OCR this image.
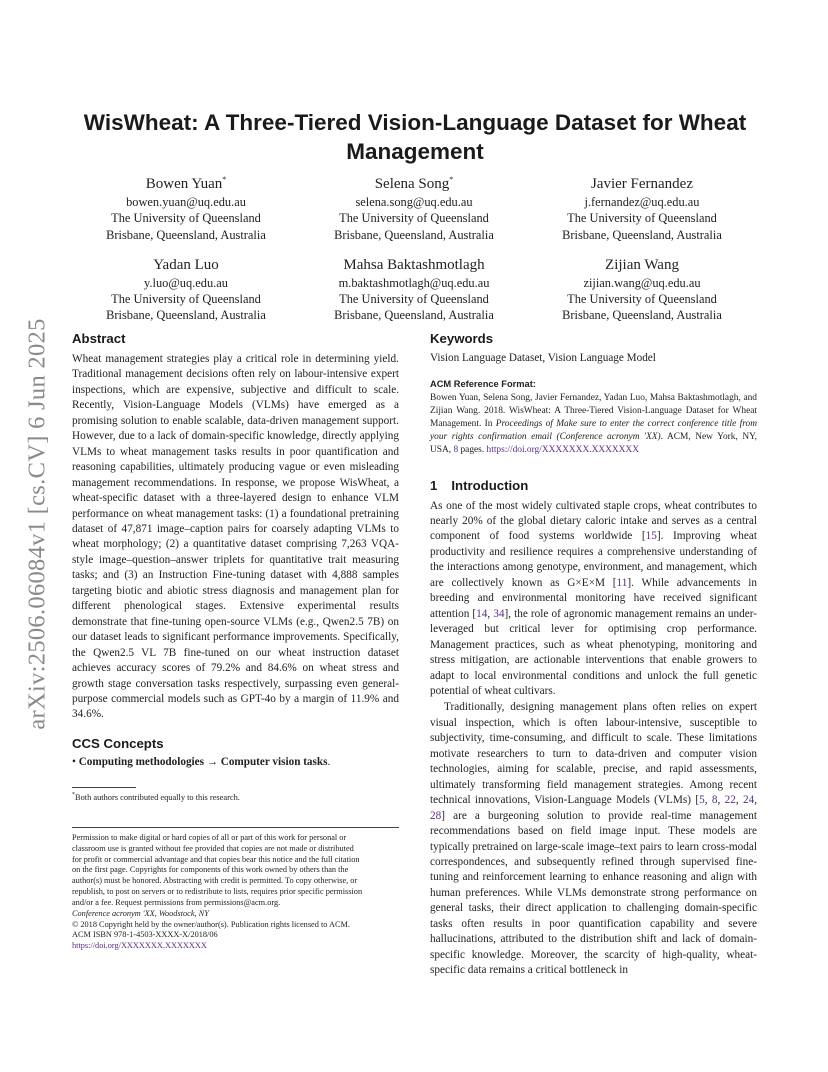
arXiv:2506.06084v1 [cs.CV] 6 Jun 2025
WisWheat: A Three-Tiered Vision-Language Dataset for Wheat Management
Bowen Yuan*
bowen.yuan@uq.edu.au
The University of Queensland
Brisbane, Queensland, Australia
Selena Song*
selena.song@uq.edu.au
The University of Queensland
Brisbane, Queensland, Australia
Javier Fernandez
j.fernandez@uq.edu.au
The University of Queensland
Brisbane, Queensland, Australia
Yadan Luo
y.luo@uq.edu.au
The University of Queensland
Brisbane, Queensland, Australia
Mahsa Baktashmotlagh
m.baktashmotlagh@uq.edu.au
The University of Queensland
Brisbane, Queensland, Australia
Zijian Wang
zijian.wang@uq.edu.au
The University of Queensland
Brisbane, Queensland, Australia
Abstract

Wheat management strategies play a critical role in determining yield. Traditional management decisions often rely on labour-intensive expert inspections, which are expensive, subjective and difficult to scale. Recently, Vision-Language Models (VLMs) have emerged as a promising solution to enable scalable, data-driven management support. However, due to a lack of domain-specific knowledge, directly applying VLMs to wheat management tasks results in poor quantification and reasoning capabilities, ultimately producing vague or even misleading management recommendations. In response, we propose WisWheat, a wheat-specific dataset with a three-layered design to enhance VLM performance on wheat management tasks: (1) a foundational pretraining dataset of 47,871 image–caption pairs for coarsely adapting VLMs to wheat morphology; (2) a quantitative dataset comprising 7,263 VQA-style image–question–answer triplets for quantitative trait measuring tasks; and (3) an Instruction Fine-tuning dataset with 4,888 samples targeting biotic and abiotic stress diagnosis and management plan for different phenological stages. Extensive experimental results demonstrate that fine-tuning open-source VLMs (e.g., Qwen2.5 7B) on our dataset leads to significant performance improvements. Specifically, the Qwen2.5 VL 7B fine-tuned on our wheat instruction dataset achieves accuracy scores of 79.2% and 84.6% on wheat stress and growth stage conversation tasks respectively, surpassing even general-purpose commercial models such as GPT-4o by a margin of 11.9% and 34.6%.

CCS Concepts

• Computing methodologies → Computer vision tasks.

*Both authors contributed equally to this research.

Permission to make digital or hard copies of all or part of this work for personal or
classroom use is granted without fee provided that copies are not made or distributed
for profit or commercial advantage and that copies bear this notice and the full citation
on the first page. Copyrights for components of this work owned by others than the
author(s) must be honored. Abstracting with credit is permitted. To copy otherwise, or
republish, to post on servers or to redistribute to lists, requires prior specific permission
and/or a fee. Request permissions from permissions@acm.org.
Conference acronym 'XX, Woodstock, NY
© 2018 Copyright held by the owner/author(s). Publication rights licensed to ACM.
ACM ISBN 978-1-4503-XXXX-X/2018/06
https://doi.org/XXXXXXX.XXXXXXX
Keywords

Vision Language Dataset, Vision Language Model

ACM Reference Format:

Bowen Yuan, Selena Song, Javier Fernandez, Yadan Luo, Mahsa Baktashmotlagh, and Zijian Wang. 2018. WisWheat: A Three-Tiered Vision-Language Dataset for Wheat Management. In Proceedings of Make sure to enter the correct conference title from your rights confirmation email (Conference acronym 'XX). ACM, New York, NY, USA, 8 pages. https://doi.org/XXXXXXX.XXXXXXX

1 Introduction

As one of the most widely cultivated staple crops, wheat contributes to nearly 20% of the global dietary caloric intake and serves as a central component of food systems worldwide [15]. Improving wheat productivity and resilience requires a comprehensive understanding of the interactions among genotype, environment, and management, which are collectively known as G×E×M [11]. While advancements in breeding and environmental monitoring have received significant attention [14, 34], the role of agronomic management remains an under-leveraged but critical lever for optimising crop performance. Management practices, such as wheat phenotyping, monitoring and stress mitigation, are actionable interventions that enable growers to adapt to local environmental conditions and unlock the full genetic potential of wheat cultivars.

Traditionally, designing management plans often relies on expert visual inspection, which is often labour-intensive, susceptible to subjectivity, time-consuming, and difficult to scale. These limitations motivate researchers to turn to data-driven and computer vision technologies, aiming for scalable, precise, and rapid assessments, ultimately transforming field management strategies. Among recent technical innovations, Vision-Language Models (VLMs) [5, 8, 22, 24, 28] are a burgeoning solution to provide real-time management recommendations based on field image input. These models are typically pretrained on large-scale image–text pairs to learn cross-modal correspondences, and subsequently refined through supervised fine-tuning and reinforcement learning to enhance reasoning and align with human preferences. While VLMs demonstrate strong performance on general tasks, their direct application to challenging domain-specific tasks often results in poor quantification capability and severe hallucinations, attributed to the distribution shift and lack of domain-specific knowledge. Moreover, the scarcity of high-quality, wheat-specific data remains a critical bottleneck in
